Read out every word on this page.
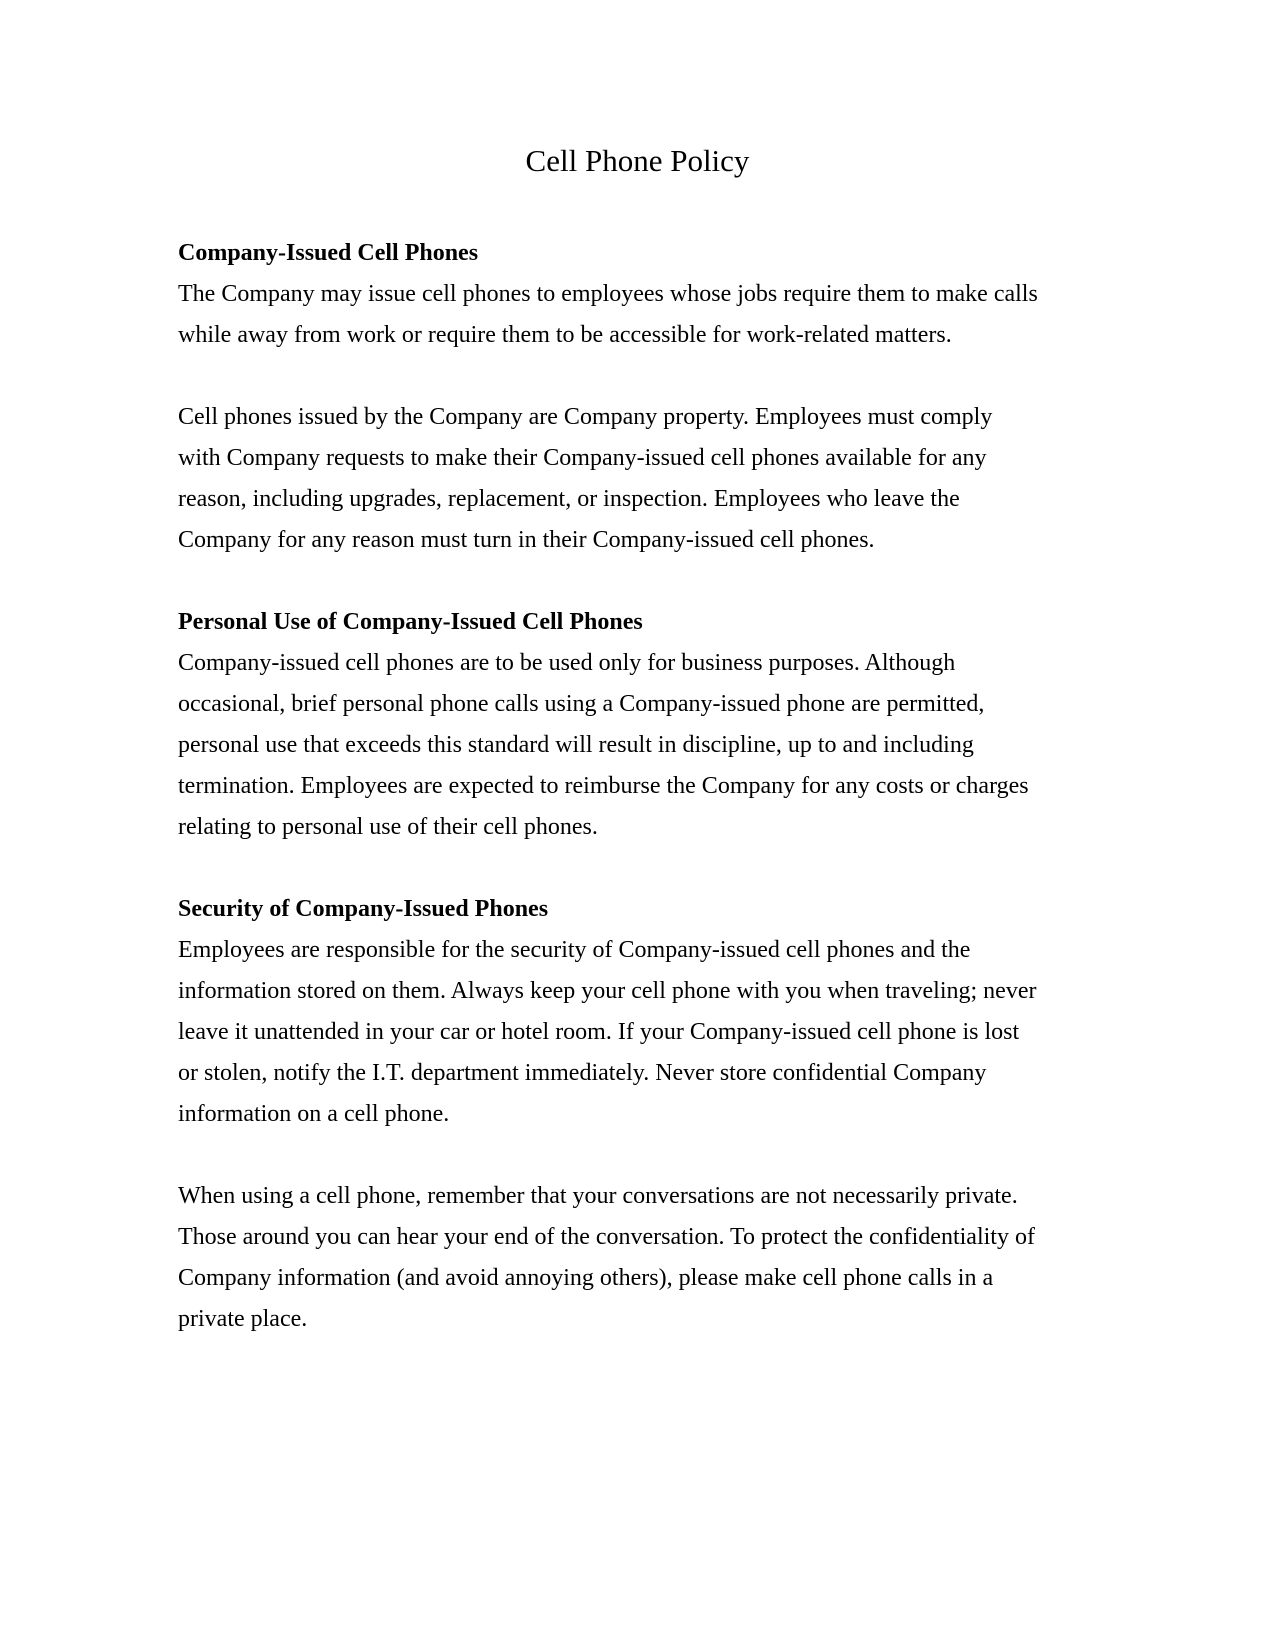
Cell Phone Policy
Company-Issued Cell Phones

The Company may issue cell phones to employees whose jobs require them to make calls while away from work or require them to be accessible for work-related matters.

Cell phones issued by the Company are Company property. Employees must comply with Company requests to make their Company-issued cell phones available for any reason, including upgrades, replacement, or inspection. Employees who leave the Company for any reason must turn in their Company-issued cell phones.

Personal Use of Company-Issued Cell Phones

Company-issued cell phones are to be used only for business purposes. Although occasional, brief personal phone calls using a Company-issued phone are permitted, personal use that exceeds this standard will result in discipline, up to and including termination. Employees are expected to reimburse the Company for any costs or charges relating to personal use of their cell phones.

Security of Company-Issued Phones

Employees are responsible for the security of Company-issued cell phones and the information stored on them. Always keep your cell phone with you when traveling; never leave it unattended in your car or hotel room. If your Company-issued cell phone is lost or stolen, notify the I.T. department immediately. Never store confidential Company information on a cell phone.

When using a cell phone, remember that your conversations are not necessarily private. Those around you can hear your end of the conversation. To protect the confidentiality of Company information (and avoid annoying others), please make cell phone calls in a private place.
